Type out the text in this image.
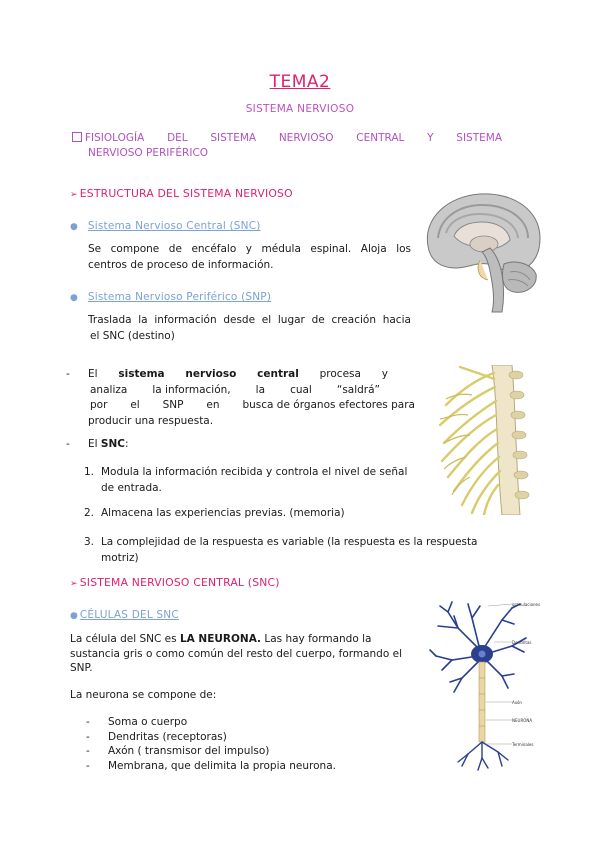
TEMA2
SISTEMA NERVIOSO
FISIOLOGÍA DEL SISTEMA NERVIOSO CENTRAL Y SISTEMA
NERVIOSO PERIFÉRICO
➢ ESTRUCTURA DEL SISTEMA NERVIOSO
● Sistema Nervioso Central (SNC)
Se compone de encéfalo y médula espinal. Aloja los
centros de proceso de información.
● Sistema Nervioso Periférico (SNP)
Traslada la información desde el lugar de creación hacia
el SNC (destino)
- El sistema nervioso central procesa y
analiza la información, la cual “saldrá”
por el SNP en busca de órganos efectores para
producir una respuesta.
- El SNC:
1. Modula la información recibida y controla el nivel de señal
de entrada.
2. Almacena las experiencias previas. (memoria)
3. La complejidad de la respuesta es variable (la respuesta es la respuesta
motriz)
➢ SISTEMA NERVIOSO CENTRAL (SNC)
● CÉLULAS DEL SNC
La célula del SNC es LA NEURONA. Las hay formando la
sustancia gris o como común del resto del cuerpo, formando el
SNP.
La neurona se compone de:
- Soma o cuerpo
- Dendritas (receptoras)
- Axón ( transmisor del impulso)
- Membrana, que delimita la propia neurona.
granulaciones
Dendritas
Axón
NEURONA
Terminales
